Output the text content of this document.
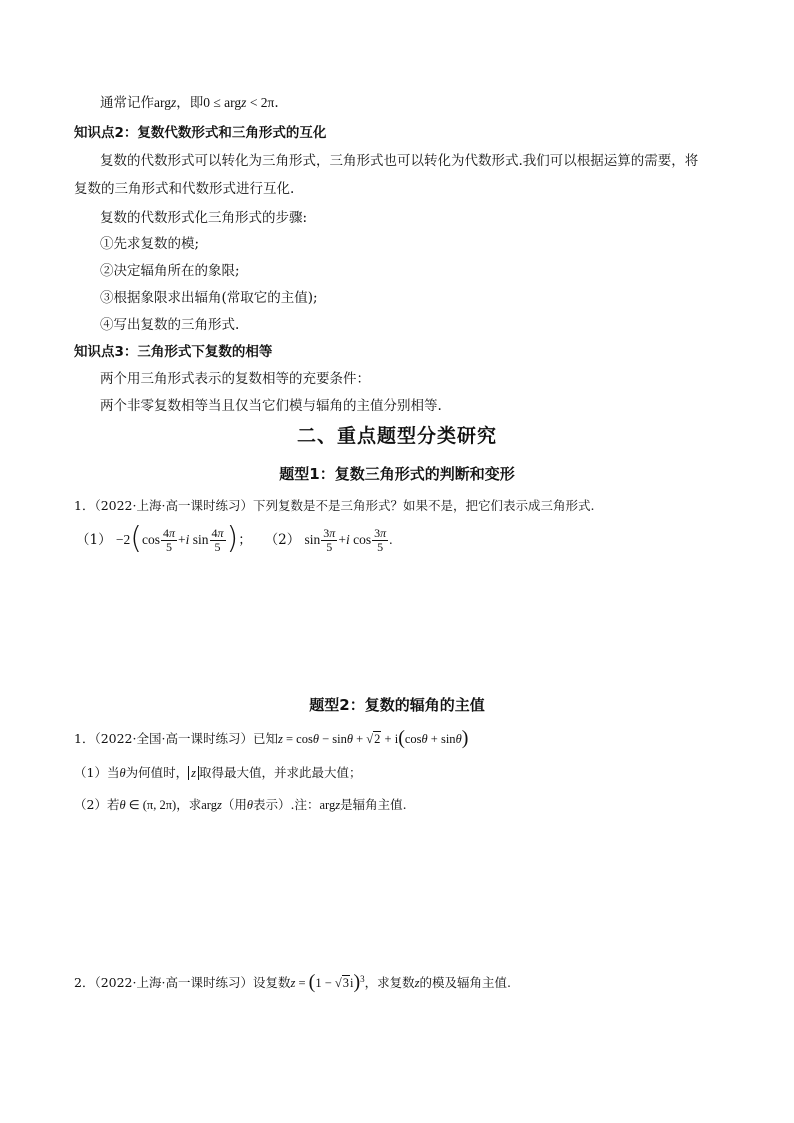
通常记作argz，即0 ≤ argz < 2π.
知识点2：复数代数形式和三角形式的互化
复数的代数形式可以转化为三角形式，三角形式也可以转化为代数形式.我们可以根据运算的需要，将
复数的三角形式和代数形式进行互化.
复数的代数形式化三角形式的步骤:
①先求复数的模;
②决定辐角所在的象限;
③根据象限求出辐角(常取它的主值);
④写出复数的三角形式.
知识点3：三角形式下复数的相等
两个用三角形式表示的复数相等的充要条件：
两个非零复数相等当且仅当它们模与辐角的主值分别相等.
二、重点题型分类研究
题型1：复数三角形式的判断和变形
1．（2022·上海·高一课时练习）下列复数是不是三角形式？如果不是，把它们表示成三角形式.
$(1) -2(\cos \frac{4\pi}{5} +i$ $\sin \frac{4\pi}{5}$ )； （2） $\sin \frac{3\pi}{5} +i$ $\cos \frac{3\pi}{5}$ .
题型2：复数的辐角的主值
1．（2022·全国·高一课时练习）已知z = cosθ − sinθ + √2 + i(cosθ + sinθ)
（1）当θ为何值时， z 取得最大值，并求此最大值；
（2）若θ ∈ (π, 2π)，求argz（用θ表示）.注：argz是辐角主值.
2．（2022·上海·高一课时练习）设复数$z = (1 - √3i)^3$，求复数z的模及辐角主值.
